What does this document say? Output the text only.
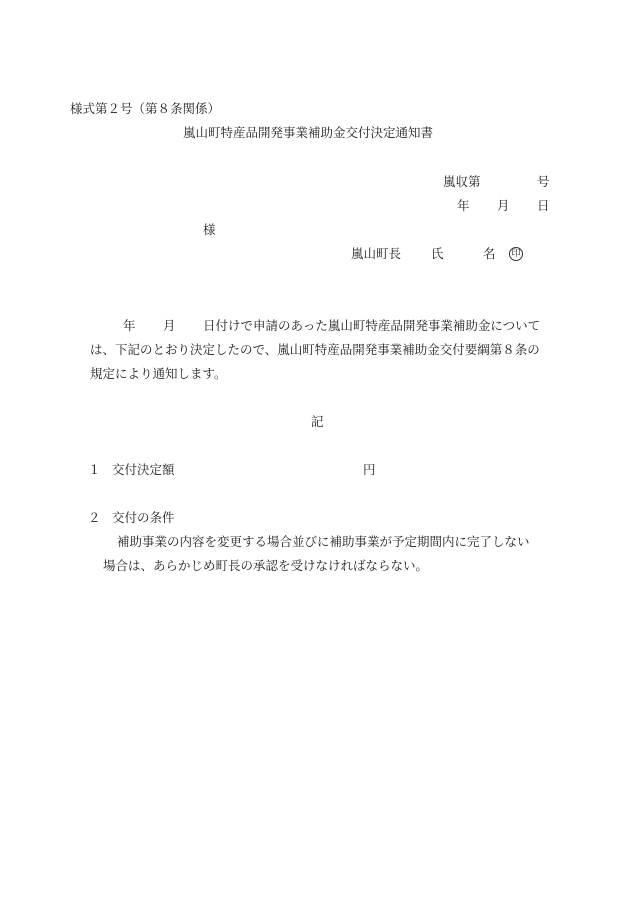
様式第２号（第８条関係）
嵐山町特産品開発事業補助金交付決定通知書
嵐収第	号
年 月 日
様
嵐山町長 氏	名 印
年 月 日付けで申請のあった嵐山町特産品開発事業補助金について
は、下記のとおり決定したので、嵐山町特産品開発事業補助金交付要綱第８条の
規定により通知します。
記
１ 交付決定額	円
２ 交付の条件
補助事業の内容を変更する場合並びに補助事業が予定期間内に完了しない
場合は、あらかじめ町長の承認を受けなければならない。
